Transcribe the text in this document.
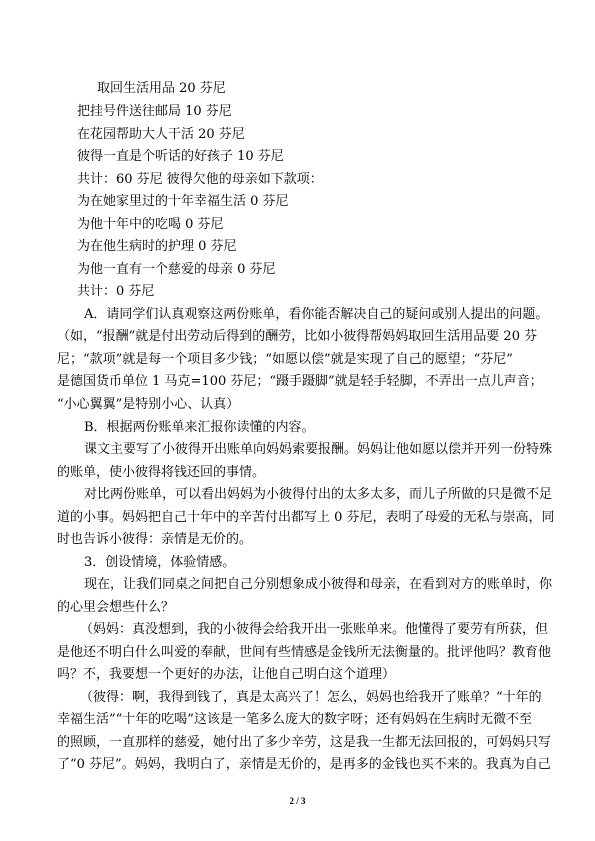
取回生活用品 20 芬尼
把挂号件送往邮局 10 芬尼
在花园帮助大人干活 20 芬尼
彼得一直是个听话的好孩子 10 芬尼
共计：60 芬尼 彼得欠他的母亲如下款项：
为在她家里过的十年幸福生活 0 芬尼
为他十年中的吃喝 0 芬尼
为在他生病时的护理 0 芬尼
为他一直有一个慈爱的母亲 0 芬尼
共计：0 芬尼
A．请同学们认真观察这两份账单，看你能否解决自己的疑问或别人提出的问题。
（如，“报酬”就是付出劳动后得到的酬劳，比如小彼得帮妈妈取回生活用品要 20 芬
尼；“款项”就是每一个项目多少钱；“如愿以偿”就是实现了自己的愿望；“芬尼”
是德国货币单位 1 马克=100 芬尼；“蹑手蹑脚”就是轻手轻脚，不弄出一点儿声音；
“小心翼翼”是特别小心、认真）
B．根据两份账单来汇报你读懂的内容。
课文主要写了小彼得开出账单向妈妈索要报酬。妈妈让他如愿以偿并开列一份特殊
的账单，使小彼得将钱还回的事情。
对比两份账单，可以看出妈妈为小彼得付出的太多太多，而儿子所做的只是微不足
道的小事。妈妈把自己十年中的辛苦付出都写上 0 芬尼，表明了母爱的无私与崇高，同
时也告诉小彼得：亲情是无价的。
3．创设情境，体验情感。
现在，让我们同桌之间把自己分别想象成小彼得和母亲，在看到对方的账单时，你
的心里会想些什么？
（妈妈：真没想到，我的小彼得会给我开出一张账单来。他懂得了要劳有所获，但
是他还不明白什么叫爱的奉献，世间有些情感是金钱所无法衡量的。批评他吗？教育他
吗？不，我要想一个更好的办法，让他自己明白这个道理）
（彼得：啊，我得到钱了，真是太高兴了！怎么，妈妈也给我开了账单？“十年的
幸福生活”“十年的吃喝”这该是一笔多么庞大的数字呀；还有妈妈在生病时无微不至
的照顾，一直那样的慈爱，她付出了多少辛劳，这是我一生都无法回报的，可妈妈只写
了“0 芬尼”。妈妈，我明白了，亲情是无价的，是再多的金钱也买不来的。我真为自己
2 / 3
